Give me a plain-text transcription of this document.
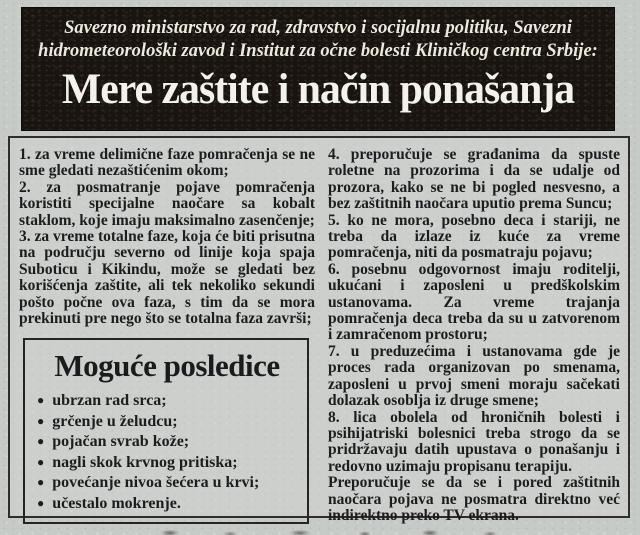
Savezno ministarstvo za rad, zdravstvo i socijalnu politiku, Savezni
hidrometeorološki zavod i Institut za očne bolesti Kliničkog centra Srbije:
Mere zaštite i način ponašanja

1. za vreme delimične faze pomračenja se ne sme gledati nezaštićenim okom;

2. za posmatranje pojave pomračenja koristiti specijalne naočare sa kobalt staklom, koje imaju maksimalno zasenčenje;

3. za vreme totalne faze, koja će biti prisutna na području severno od linije koja spaja Suboticu i Kikindu, može se gledati bez korišćenja zaštite, ali tek nekoliko sekundi pošto počne ova faza, s tim da se mora prekinuti pre nego što se totalna faza završi;

Moguće posledice
● ubrzan rad srca;
● grčenje u želudcu;
● pojačan svrab kože;
● nagli skok krvnog pritiska;
● povećanje nivoa šećera u krvi;
● učestalo mokrenje.

4. preporučuje se građanima da spuste roletne na prozorima i da se udalje od prozora, kako se ne bi pogled nesvesno, a bez zaštitnih naočara uputio prema Suncu;

5. ko ne mora, posebno deca i stariji, ne treba da izlaze iz kuće za vreme pomračenja, niti da posmatraju pojavu;

6. posebnu odgovornost imaju roditelji, ukućani i zaposleni u predškolskim ustanovama. Za vreme trajanja pomračenja deca treba da su u zatvorenom i zamračenom prostoru;

7. u preduzećima i ustanovama gde je proces rada organizovan po smenama, zaposleni u prvoj smeni moraju sačekati dolazak osoblja iz druge smene;

8. lica obolela od hroničnih bolesti i psihijatriski bolesnici treba strogo da se pridržavaju datih upustava o ponašanju i redovno uzimaju propisanu terapiju.

Preporučuje se da se i pored zaštitnih naočara pojava ne posmatra direktno već indirektno preko TV ekrana.
